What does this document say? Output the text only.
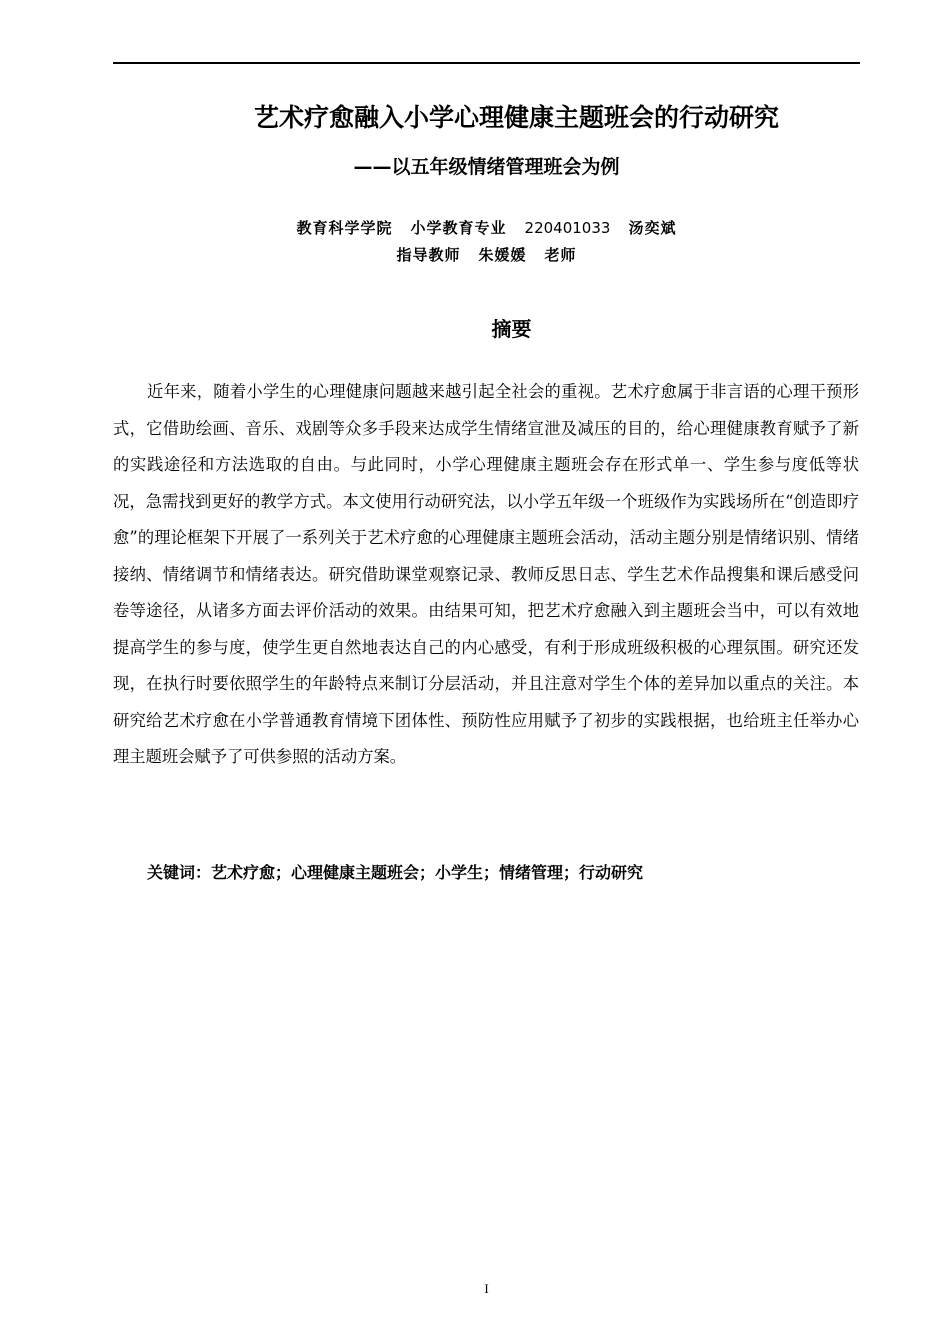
艺术疗愈融入小学心理健康主题班会的行动研究
——以五年级情绪管理班会为例
教育科学学院 小学教育专业 220401033 汤奕斌
指导教师 朱媛媛 老师
摘要

近年来，随着小学生的心理健康问题越来越引起全社会的重视。艺术疗愈属于非言语的心理干预形式，它借助绘画、音乐、戏剧等众多手段来达成学生情绪宣泄及减压的目的，给心理健康教育赋予了新的实践途径和方法选取的自由。与此同时，小学心理健康主题班会存在形式单一、学生参与度低等状况，急需找到更好的教学方式。本文使用行动研究法，以小学五年级一个班级作为实践场所在“创造即疗愈”的理论框架下开展了一系列关于艺术疗愈的心理健康主题班会活动，活动主题分别是情绪识别、情绪接纳、情绪调节和情绪表达。研究借助课堂观察记录、教师反思日志、学生艺术作品搜集和课后感受问卷等途径，从诸多方面去评价活动的效果。由结果可知，把艺术疗愈融入到主题班会当中，可以有效地提高学生的参与度，使学生更自然地表达自己的内心感受，有利于形成班级积极的心理氛围。研究还发现，在执行时要依照学生的年龄特点来制订分层活动，并且注意对学生个体的差异加以重点的关注。本研究给艺术疗愈在小学普通教育情境下团体性、预防性应用赋予了初步的实践根据，也给班主任举办心理主题班会赋予了可供参照的活动方案。

关键词：艺术疗愈；心理健康主题班会；小学生；情绪管理；行动研究
I
